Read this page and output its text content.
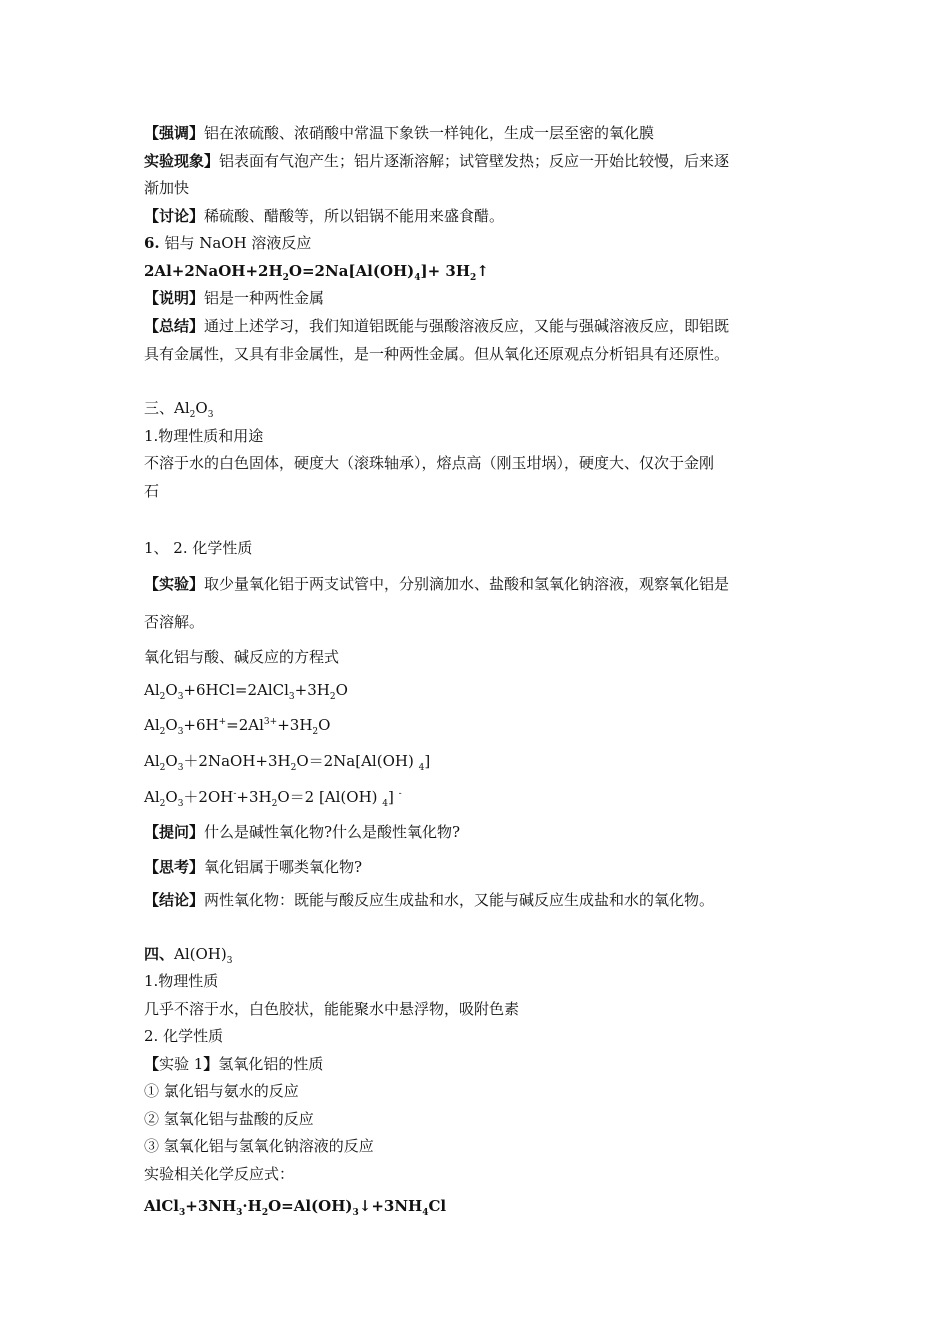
【强调】铝在浓硫酸、浓硝酸中常温下象铁一样钝化，生成一层至密的氧化膜

实验现象】铝表面有气泡产生；铝片逐渐溶解；试管壁发热；反应一开始比较慢，后来逐

渐加快

【讨论】稀硫酸、醋酸等，所以铝锅不能用来盛食醋。

6. 铝与 NaOH 溶液反应

$2Al+2NaOH+2H_2O=2Na[Al(OH)_4]+$ $3H_2↑$

【说明】铝是一种两性金属

【总结】通过上述学习，我们知道铝既能与强酸溶液反应，又能与强碱溶液反应，即铝既

具有金属性，又具有非金属性，是一种两性金属。但从氧化还原观点分析铝具有还原性。

三、$Al_2O_3$

1.物理性质和用途

不溶于水的白色固体，硬度大（滚珠轴承），熔点高（刚玉坩埚），硬度大、仅次于金刚

石

1、 2. 化学性质

【实验】取少量氧化铝于两支试管中，分别滴加水、盐酸和氢氧化钠溶液，观察氧化铝是

否溶解。

氧化铝与酸、碱反应的方程式

$Al_2O_3+6HCl=2AlCl_3+3H_2O$

$Al_2O_3+6H^+=2Al^{3+}+3H_2O$

$Al_2O_3+2NaOH+3H_2O=2Na[Al(OH)$ $_4$]

$Al_2O_3+2OH^-+3H_2O=2$ [Al(OH) $_4$] -

【提问】什么是碱性氧化物?什么是酸性氧化物?

【思考】氧化铝属于哪类氧化物?

【结论】两性氧化物：既能与酸反应生成盐和水，又能与碱反应生成盐和水的氧化物。

四、$Al(OH)_3$

1.物理性质

几乎不溶于水，白色胶状，能能聚水中悬浮物，吸附色素

2. 化学性质

【实验 1】氢氧化铝的性质

① 氯化铝与氨水的反应

② 氢氧化铝与盐酸的反应

③ 氢氧化铝与氢氧化钠溶液的反应

实验相关化学反应式：

$AlCl_3+3NH_3\cdot H_2O=Al(OH)_3↓+3NH_4Cl$
